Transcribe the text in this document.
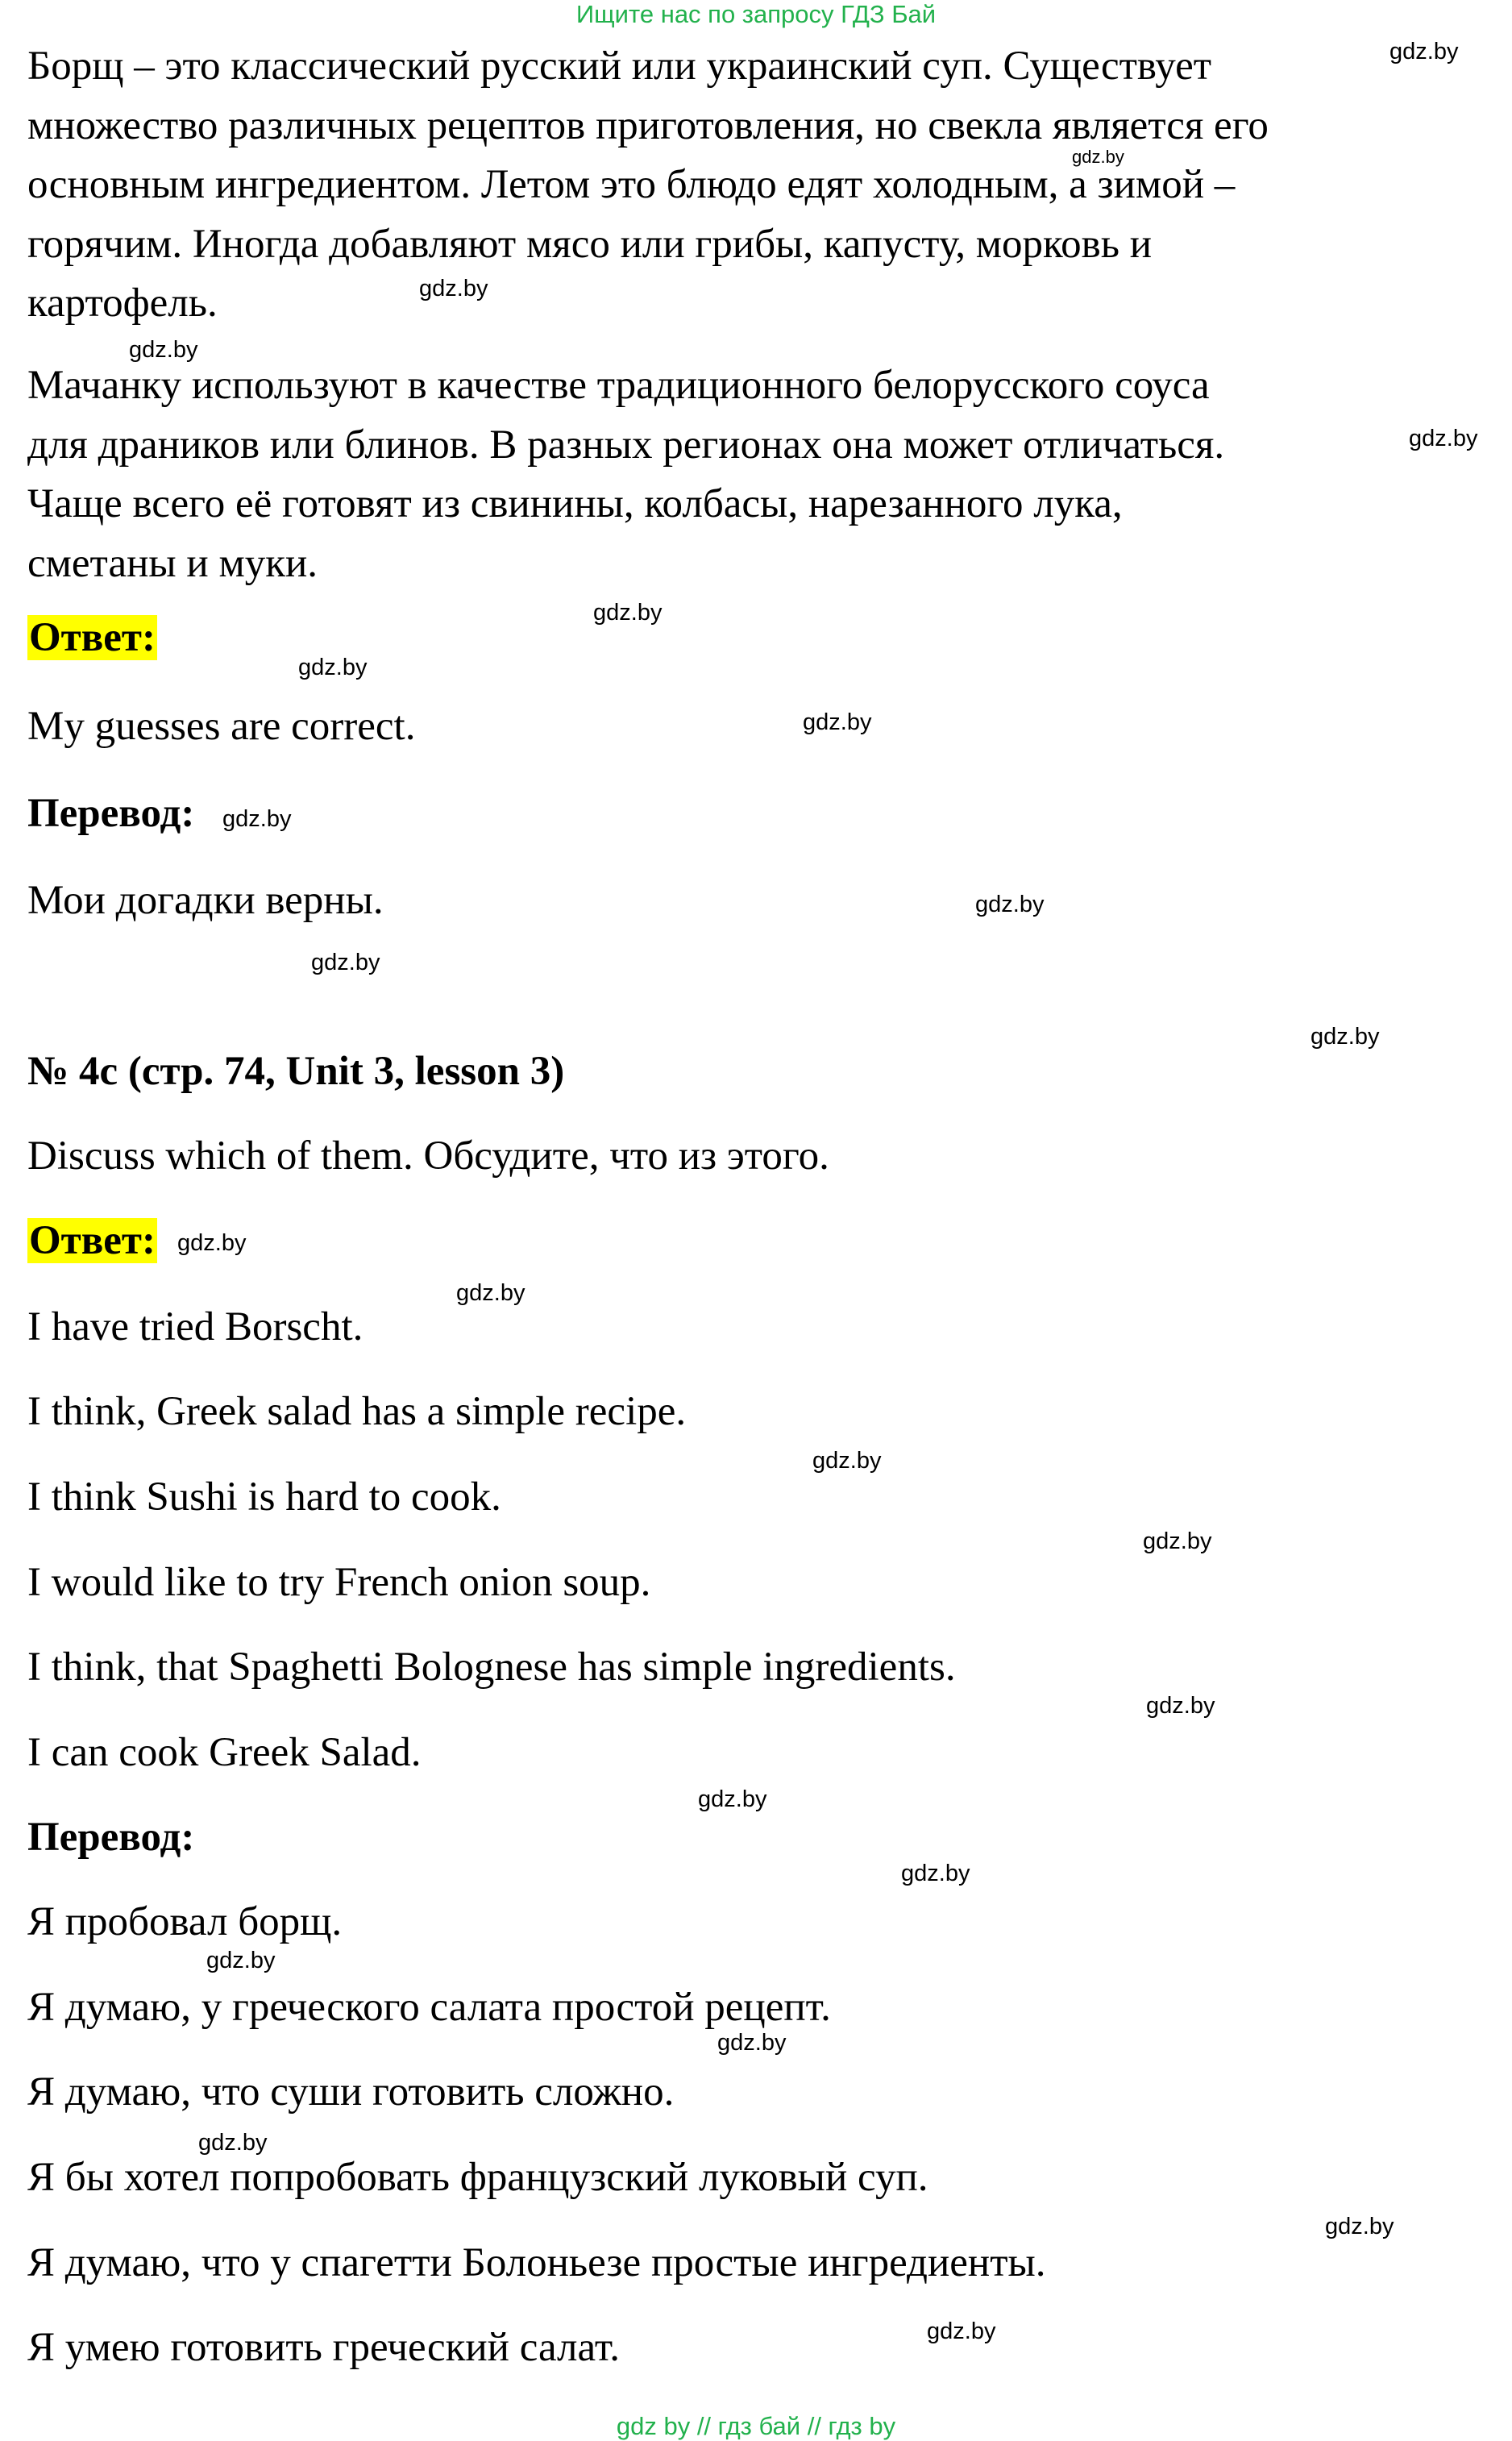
Ищите нас по запросу ГДЗ Бай
Борщ – это классический русский или украинский суп. Существует
множество различных рецептов приготовления, но свекла является его
основным ингредиентом. Летом это блюдо едят холодным, а зимой –
горячим. Иногда добавляют мясо или грибы, капусту, морковь и
картофель.
Мачанку используют в качестве традиционного белорусского соуса
для драников или блинов. В разных регионах она может отличаться.
Чаще всего её готовят из свинины, колбасы, нарезанного лука,
сметаны и муки.
Ответ:
My guesses are correct.
Перевод:
Мои догадки верны.
№ 4c (стр. 74, Unit 3, lesson 3)
Discuss which of them. Обсудите, что из этого.
Ответ:
I have tried Borscht.
I think, Greek salad has a simple recipe.
I think Sushi is hard to cook.
I would like to try French onion soup.
I think, that Spaghetti Bolognese has simple ingredients.
I can cook Greek Salad.
Перевод:
Я пробовал борщ.
Я думаю, у греческого салата простой рецепт.
Я думаю, что суши готовить сложно.
Я бы хотел попробовать французский луковый суп.
Я думаю, что у спагетти Болоньезе простые ингредиенты.
Я умею готовить греческий салат.
gdz.by
gdz.by
gdz.by
gdz.by
gdz.by
gdz.by
gdz.by
gdz.by
gdz.by
gdz.by
gdz.by
gdz.by
gdz.by
gdz.by
gdz.by
gdz.by
gdz.by
gdz.by
gdz.by
gdz.by
gdz.by
gdz.by
gdz.by
gdz.by
gdz by // гдз бай // гдз by
